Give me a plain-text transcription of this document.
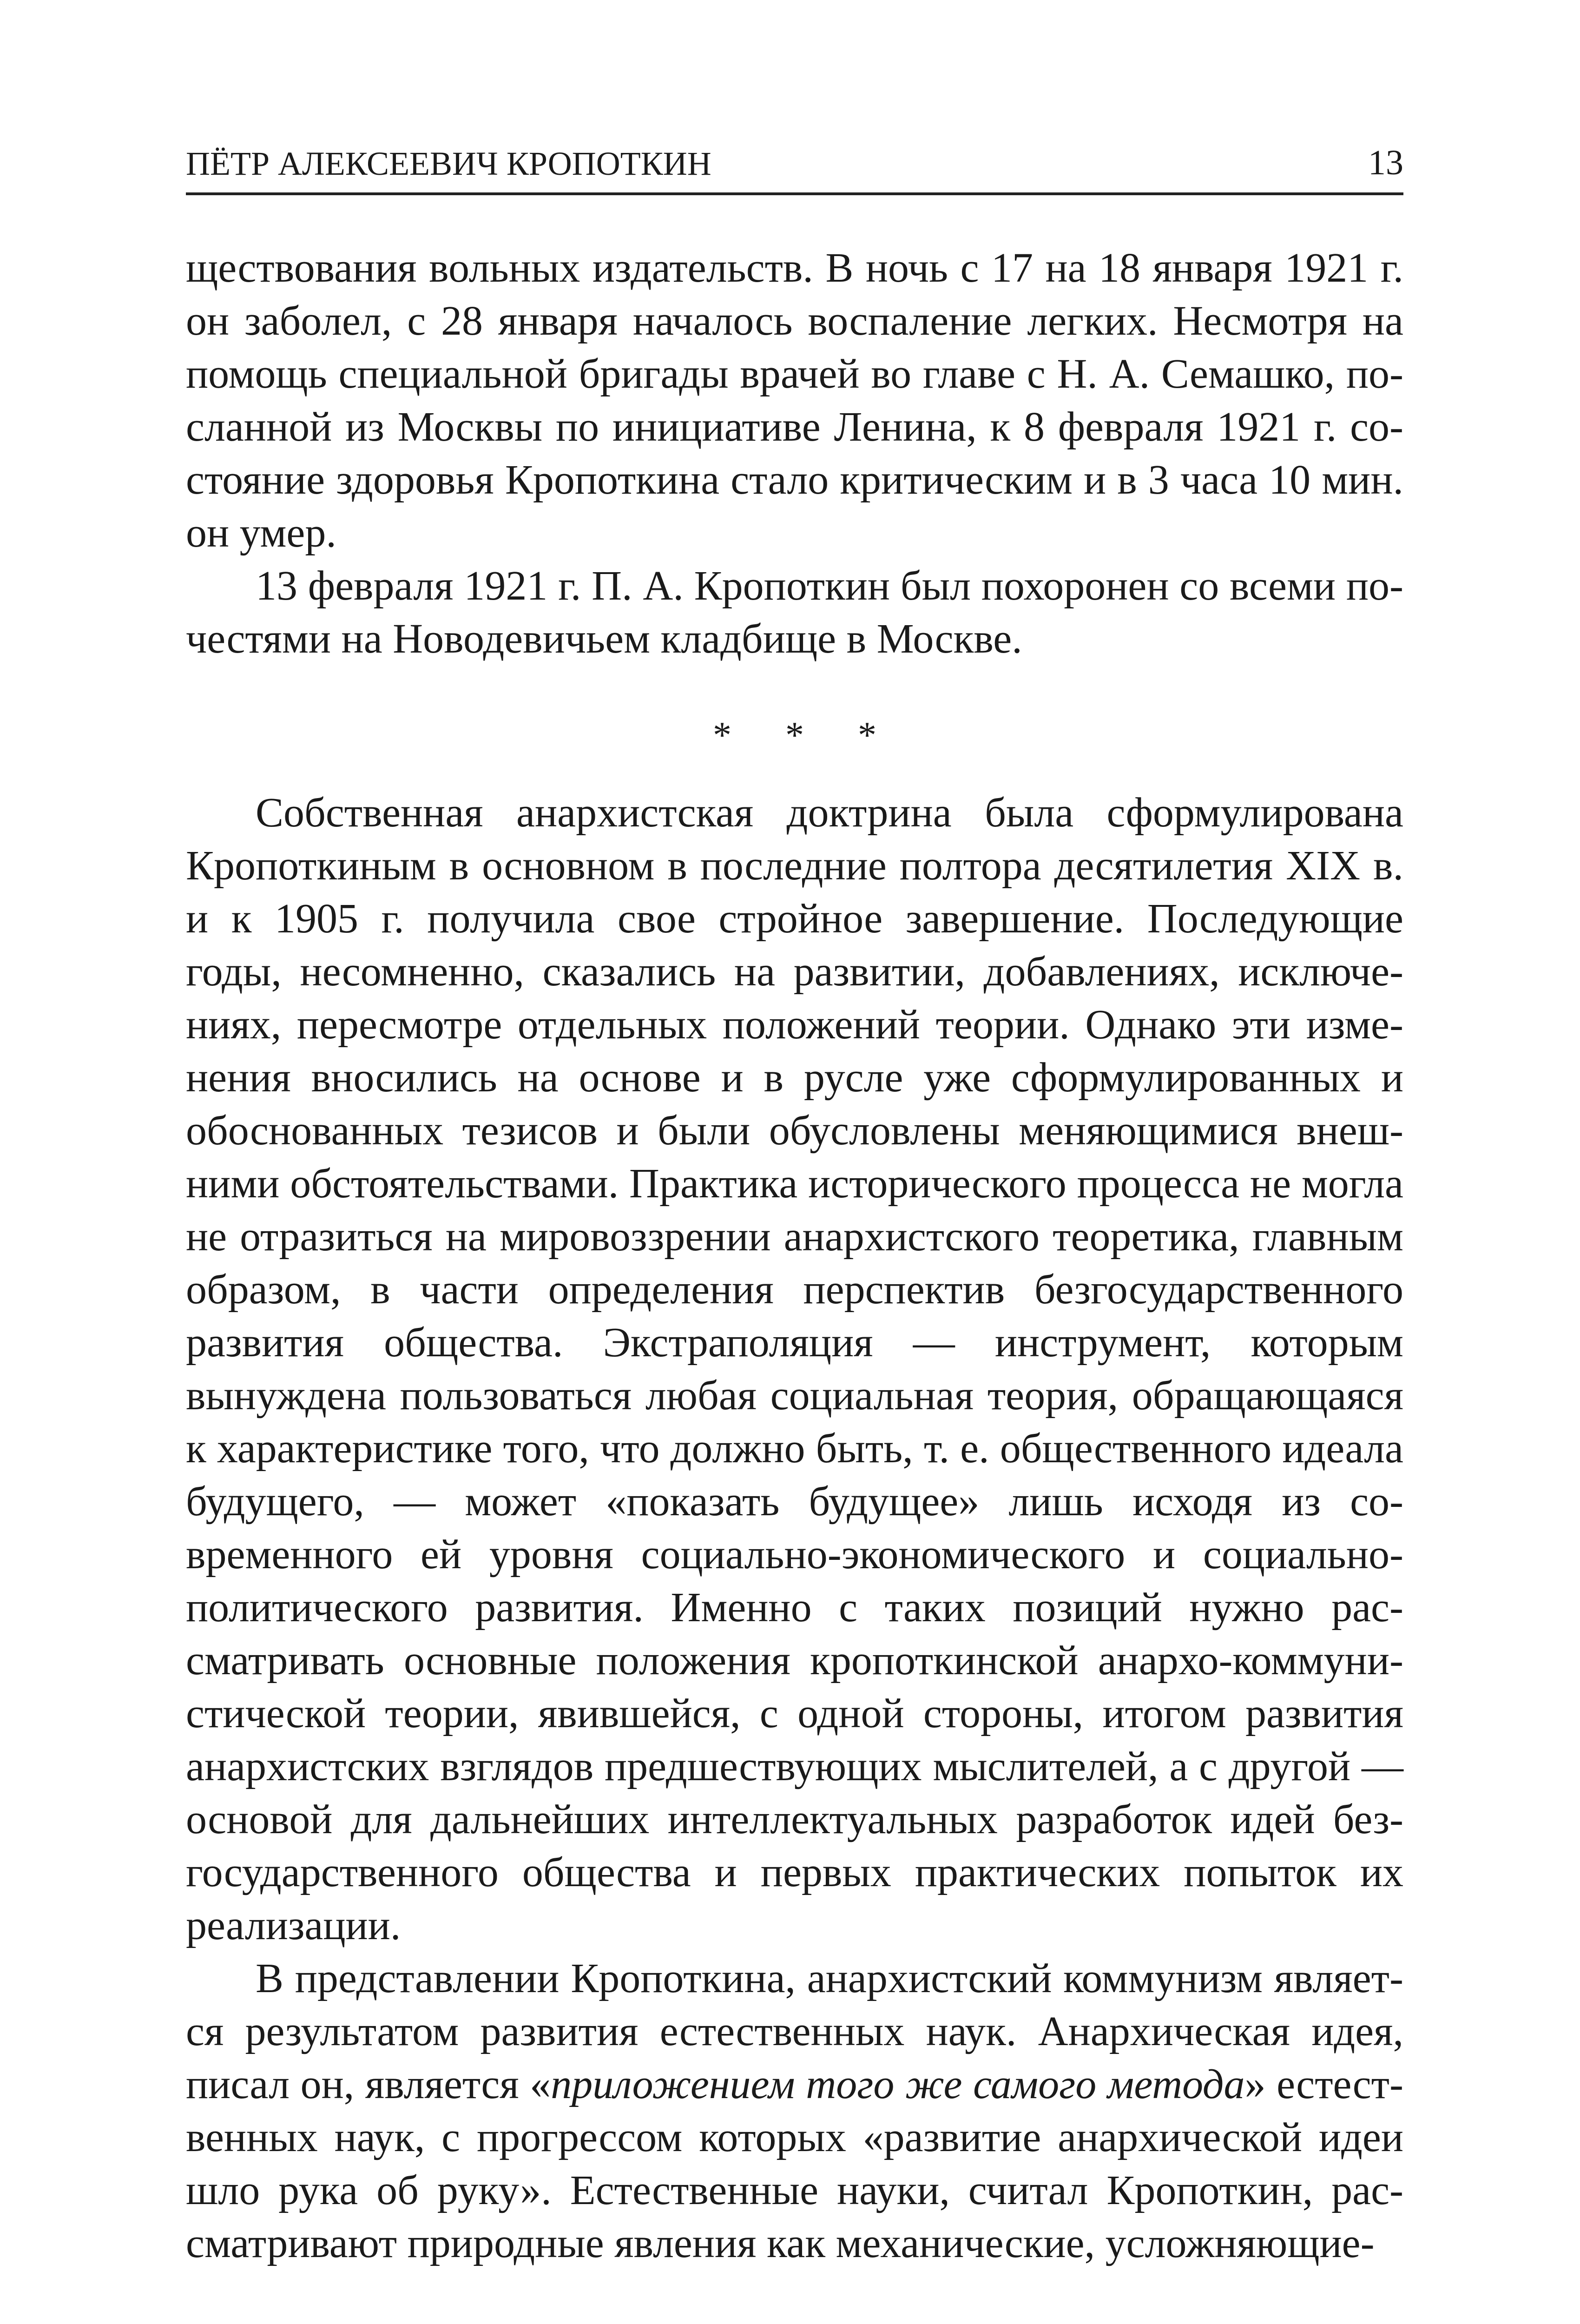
ПЁТР АЛЕКСЕЕВИЧ КРОПОТКИН	13

ществования вольных издательств. В ночь с 17 на 18 января 1921 г. он заболел, с 28 января началось воспаление легких. Несмотря на помощь специальной бригады врачей во главе с Н. А. Семашко, посланной из Москвы по инициативе Ленина, к 8 февраля 1921 г. состояние здоровья Кропоткина стало критическим и в 3 часа 10 мин. он умер.

13 февраля 1921 г. П. А. Кропоткин был похоронен со всеми почестями на Новодевичьем кладбище в Москве.

* * *

Собственная анархистская доктрина была сформулирована Кропоткиным в основном в последние полтора десятилетия XIX в. и к 1905 г. получила свое стройное завершение. Последующие годы, несомненно, сказались на развитии, добавлениях, исключениях, пересмотре отдельных положений теории. Однако эти изменения вносились на основе и в русле уже сформулированных и обоснованных тезисов и были обусловлены меняющимися внешними обстоятельствами. Практика исторического процесса не могла не отразиться на мировоззрении анархистского теоретика, главным образом, в части определения перспектив безгосударственного развития общества. Экстраполяция — инструмент, которым вынуждена пользоваться любая социальная теория, обращающаяся к характеристике того, что должно быть, т. е. общественного идеала будущего, — может «показать будущее» лишь исходя из современного ей уровня социально-экономического и социально-политического развития. Именно с таких позиций нужно рассматривать основные положения кропоткинской анархо-коммунистической теории, явившейся, с одной стороны, итогом развития анархистских взглядов предшествующих мыслителей, а с другой — основой для дальнейших интеллектуальных разработок идей безгосударственного общества и первых практических попыток их реализации.

В представлении Кропоткина, анархистский коммунизм является результатом развития естественных наук. Анархическая идея, писал он, является «приложением того же самого метода» естественных наук, с прогрессом которых «развитие анархической идеи шло рука об руку». Естественные науки, считал Кропоткин, рассматривают природные явления как механические, усложняющие-
